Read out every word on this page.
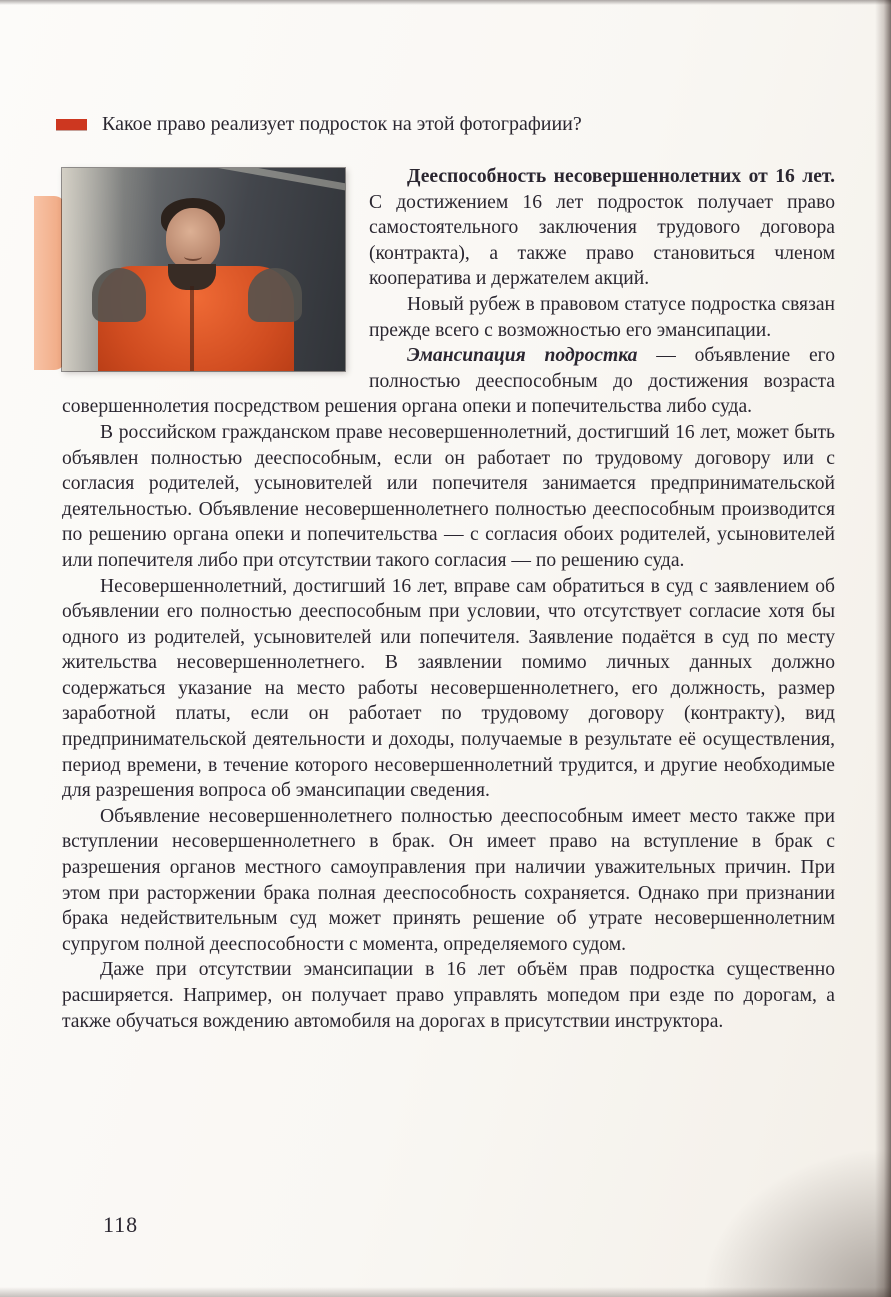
Какое право реализует подросток на этой фотографиии?

Дееспособность несовершеннолетних от 16 лет. С достижением 16 лет подросток получает право самостоятельного заключения трудового договора (контракта), а также право становиться членом кооператива и держателем акций.

Новый рубеж в правовом статусе подростка связан прежде всего с возможностью его эмансипации.

Эмансипация подростка — объявление его полностью дееспособным до достижения возраста совершеннолетия посредством решения органа опеки и попечительства либо суда.

В российском гражданском праве несовершеннолетний, достигший 16 лет, может быть объявлен полностью дееспособным, если он работает по трудовому договору или с согласия родителей, усыновителей или попечителя занимается предпринимательской деятельностью. Объявление несовершеннолетнего полностью дееспособным производится по решению органа опеки и попечительства — с согласия обоих родителей, усыновителей или попечителя либо при отсутствии такого согласия — по решению суда.

Несовершеннолетний, достигший 16 лет, вправе сам обратиться в суд с заявлением об объявлении его полностью дееспособным при условии, что отсутствует согласие хотя бы одного из родителей, усыновителей или попечителя. Заявление подаётся в суд по месту жительства несовершеннолетнего. В заявлении помимо личных данных должно содержаться указание на место работы несовершеннолетнего, его должность, размер заработной платы, если он работает по трудовому договору (контракту), вид предпринимательской деятельности и доходы, получаемые в результате её осуществления, период времени, в течение которого несовершеннолетний трудится, и другие необходимые для разрешения вопроса об эмансипации сведения.

Объявление несовершеннолетнего полностью дееспособным имеет место также при вступлении несовершеннолетнего в брак. Он имеет право на вступление в брак с разрешения органов местного самоуправления при наличии уважительных причин. При этом при расторжении брака полная дееспособность сохраняется. Однако при признании брака недействительным суд может принять решение об утрате несовершеннолетним супругом полной дееспособности с момента, определяемого судом.

Даже при отсутствии эмансипации в 16 лет объём прав подростка существенно расширяется. Например, он получает право управлять мопедом при езде по дорогам, а также обучаться вождению автомобиля на дорогах в присутствии инструктора.

118
